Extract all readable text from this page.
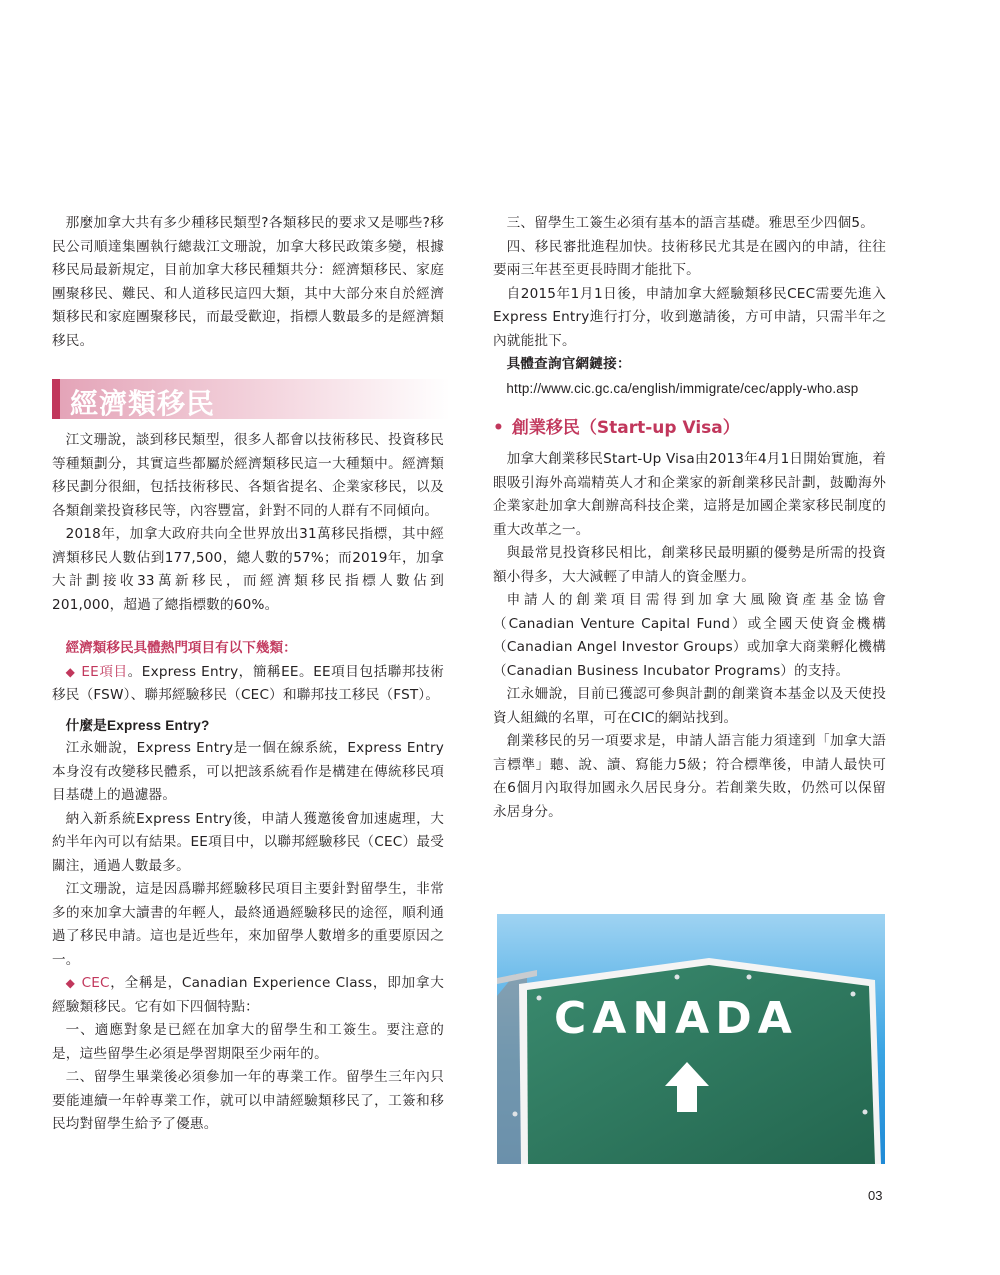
那麼加拿大共有多少種移民類型?各類移民的要求又是哪些?移民公司順達集團執行總裁江文珊說，加拿大移民政策多變，根據移民局最新規定，目前加拿大移民種類共分：經濟類移民、家庭團聚移民、難民、和人道移民這四大類，其中大部分來自於經濟類移民和家庭團聚移民，而最受歡迎，指標人數最多的是經濟類移民。

經濟類移民

江文珊說，談到移民類型，很多人都會以技術移民、投資移民等種類劃分，其實這些都屬於經濟類移民這一大種類中。經濟類移民劃分很細，包括技術移民、各類省提名、企業家移民，以及各類創業投資移民等，內容豐富，針對不同的人群有不同傾向。

2018年，加拿大政府共向全世界放出31萬移民指標，其中經濟類移民人數佔到177,500，總人數的57%；而2019年，加拿大計劃接收33萬新移民，而經濟類移民指標人數佔到201,000，超過了總指標數的60%。

經濟類移民具體熱門項目有以下幾類：

◆ EE項目。Express Entry，簡稱EE。EE項目包括聯邦技術移民（FSW）、聯邦經驗移民（CEC）和聯邦技工移民（FST）。

什麼是Express Entry?

江永姍說，Express Entry是一個在線系統，Express Entry本身沒有改變移民體系，可以把該系統看作是構建在傳統移民項目基礎上的過濾器。

納入新系統Express Entry後，申請人獲邀後會加速處理，大約半年內可以有結果。EE項目中，以聯邦經驗移民（CEC）最受關注，通過人數最多。

江文珊說，這是因爲聯邦經驗移民項目主要針對留學生，非常多的來加拿大讀書的年輕人，最終通過經驗移民的途徑，順利通過了移民申請。這也是近些年，來加留學人數增多的重要原因之一。

◆ CEC，全稱是，Canadian Experience Class，即加拿大經驗類移民。它有如下四個特點：

一、適應對象是已經在加拿大的留學生和工簽生。要注意的是，這些留學生必須是學習期限至少兩年的。

二、留學生畢業後必須參加一年的專業工作。留學生三年內只要能連續一年幹專業工作，就可以申請經驗類移民了，工簽和移民均對留學生給予了優惠。

三、留學生工簽生必須有基本的語言基礎。雅思至少四個5。

四、移民審批進程加快。技術移民尤其是在國內的申請，往往要兩三年甚至更長時間才能批下。

自2015年1月1日後，申請加拿大經驗類移民CEC需要先進入Express Entry進行打分，收到邀請後，方可申請，只需半年之內就能批下。

具體查詢官網鏈接：

http://www.cic.gc.ca/english/immigrate/cec/apply-who.asp

• 創業移民（Start-up Visa）

加拿大創業移民Start-Up Visa由2013年4月1日開始實施，着眼吸引海外高端精英人才和企業家的新創業移民計劃，鼓勵海外企業家赴加拿大創辦高科技企業，這將是加國企業家移民制度的重大改革之一。

與最常見投資移民相比，創業移民最明顯的優勢是所需的投資額小得多，大大減輕了申請人的資金壓力。

申請人的創業項目需得到加拿大風險資產基金協會（Canadian Venture Capital Fund）或全國天使資金機構（Canadian Angel Investor Groups）或加拿大商業孵化機構（Canadian Business Incubator Programs）的支持。

江永姍說，目前已獲認可參與計劃的創業資本基金以及天使投資人組織的名單，可在CIC的網站找到。

創業移民的另一項要求是，申請人語言能力須達到「加拿大語言標準」聽、說、讀、寫能力5級；符合標準後，申請人最快可在6個月內取得加國永久居民身分。若創業失敗，仍然可以保留永居身分。

CANADA
03
